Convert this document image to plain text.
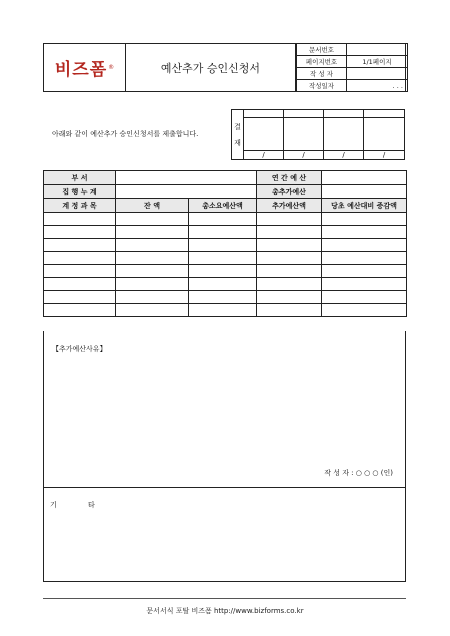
비즈폼 ®	예산추가 승인신청서
문서번호	
페이지번호	1/1페이지
작 성 자	
작성일자	. . .
아래와 같이 예산추가 승인신청서를 제출합니다.
결
재				

	/	/	/	/
부 서			연 간 예 산	
집 행 누 계			총추가예산	
계 정 과 목	잔 액	총소요예산액	추가예산액	당초 예산대비 증감액

【추가예산사유】
작 성 자 : ○ ○ ○ (인)
기	타
문서서식 포탈 비즈폼 http://www.bizforms.co.kr
